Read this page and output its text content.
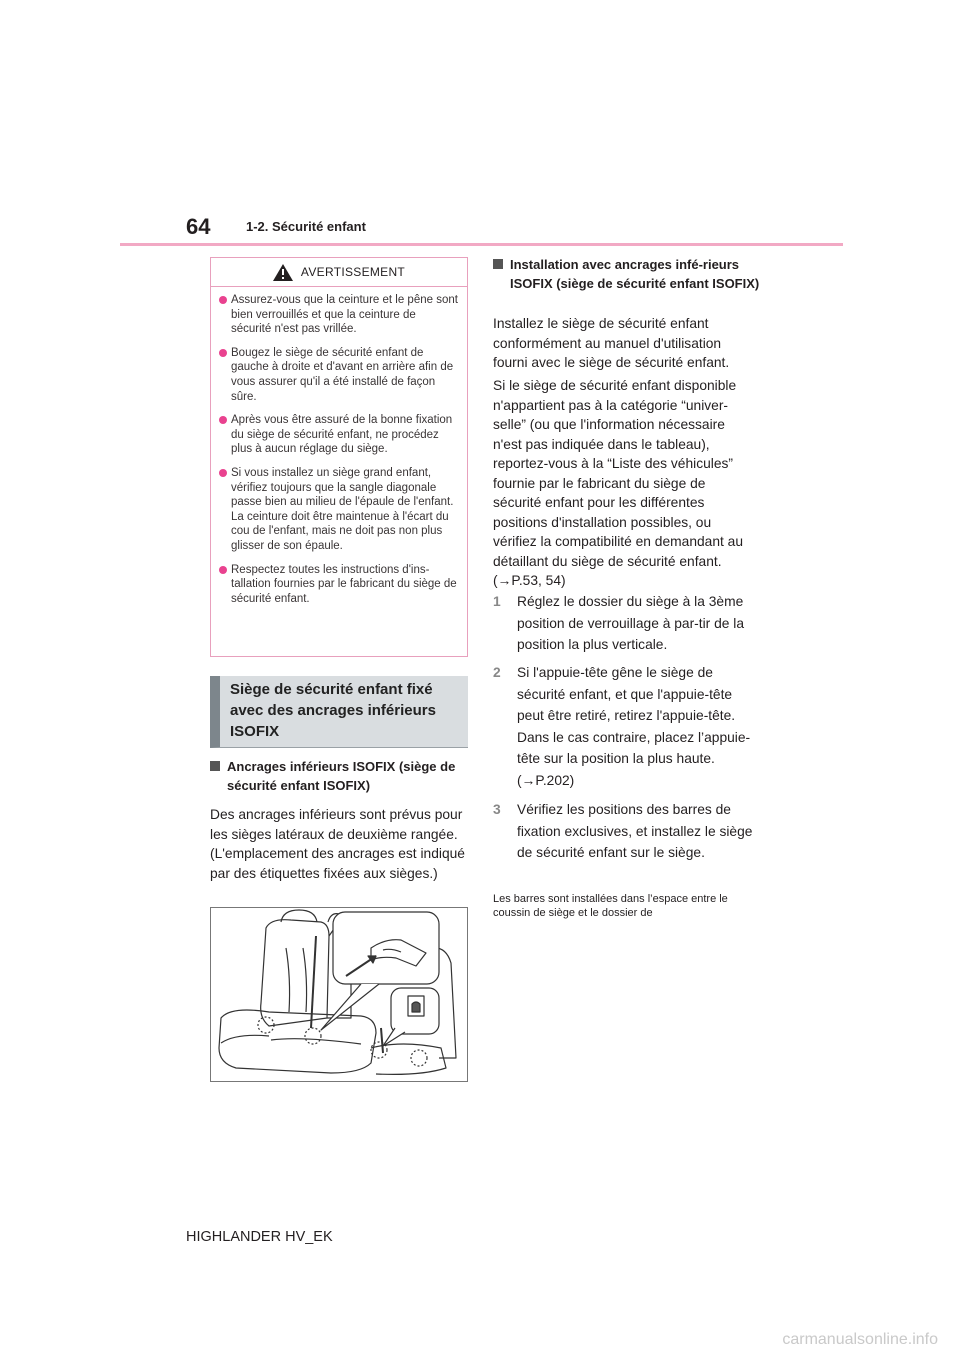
64	1-2. Sécurité enfant
AVERTISSEMENT
Assurez-vous que la ceinture et le pêne sont bien verrouillés et que la ceinture de sécurité n'est pas vrillée.
Bougez le siège de sécurité enfant de gauche à droite et d'avant en arrière afin de vous assurer qu'il a été installé de façon sûre.
Après vous être assuré de la bonne fixation du siège de sécurité enfant, ne procédez plus à aucun réglage du siège.
Si vous installez un siège grand enfant, vérifiez toujours que la sangle diagonale passe bien au milieu de l'épaule de l'enfant. La ceinture doit être maintenue à l'écart du cou de l'enfant, mais ne doit pas non plus glisser de son épaule.
Respectez toutes les instructions d'ins-tallation fournies par le fabricant du siège de sécurité enfant.
Siège de sécurité enfant fixé avec des ancrages inférieurs ISOFIX
Ancrages inférieurs ISOFIX (siège de sécurité enfant ISOFIX)
Des ancrages inférieurs sont prévus pour les sièges latéraux de deuxième rangée. (L'emplacement des ancrages est indiqué par des étiquettes fixées aux sièges.)
Installation avec ancrages infé-rieurs ISOFIX (siège de sécurité enfant ISOFIX)
Installez le siège de sécurité enfant conformément au manuel d'utilisation fourni avec le siège de sécurité enfant.
Si le siège de sécurité enfant disponible n'appartient pas à la catégorie “univer-selle” (ou que l'information nécessaire n'est pas indiquée dans le tableau), reportez-vous à la “Liste des véhicules” fournie par le fabricant du siège de sécurité enfant pour les différentes positions d'installation possibles, ou vérifiez la compatibilité en demandant au détaillant du siège de sécurité enfant. (→P.53, 54)
1 Réglez le dossier du siège à la 3ème position de verrouillage à par-tir de la position la plus verticale.
2 Si l'appuie-tête gêne le siège de sécurité enfant, et que l'appuie-tête peut être retiré, retirez l'appuie-tête. Dans le cas contraire, placez l’appuie-tête sur la position la plus haute. (→P.202)
3 Vérifiez les positions des barres de fixation exclusives, et installez le siège de sécurité enfant sur le siège.
Les barres sont installées dans l’espace entre le coussin de siège et le dossier de
HIGHLANDER HV_EK
carmanualsonline.info
